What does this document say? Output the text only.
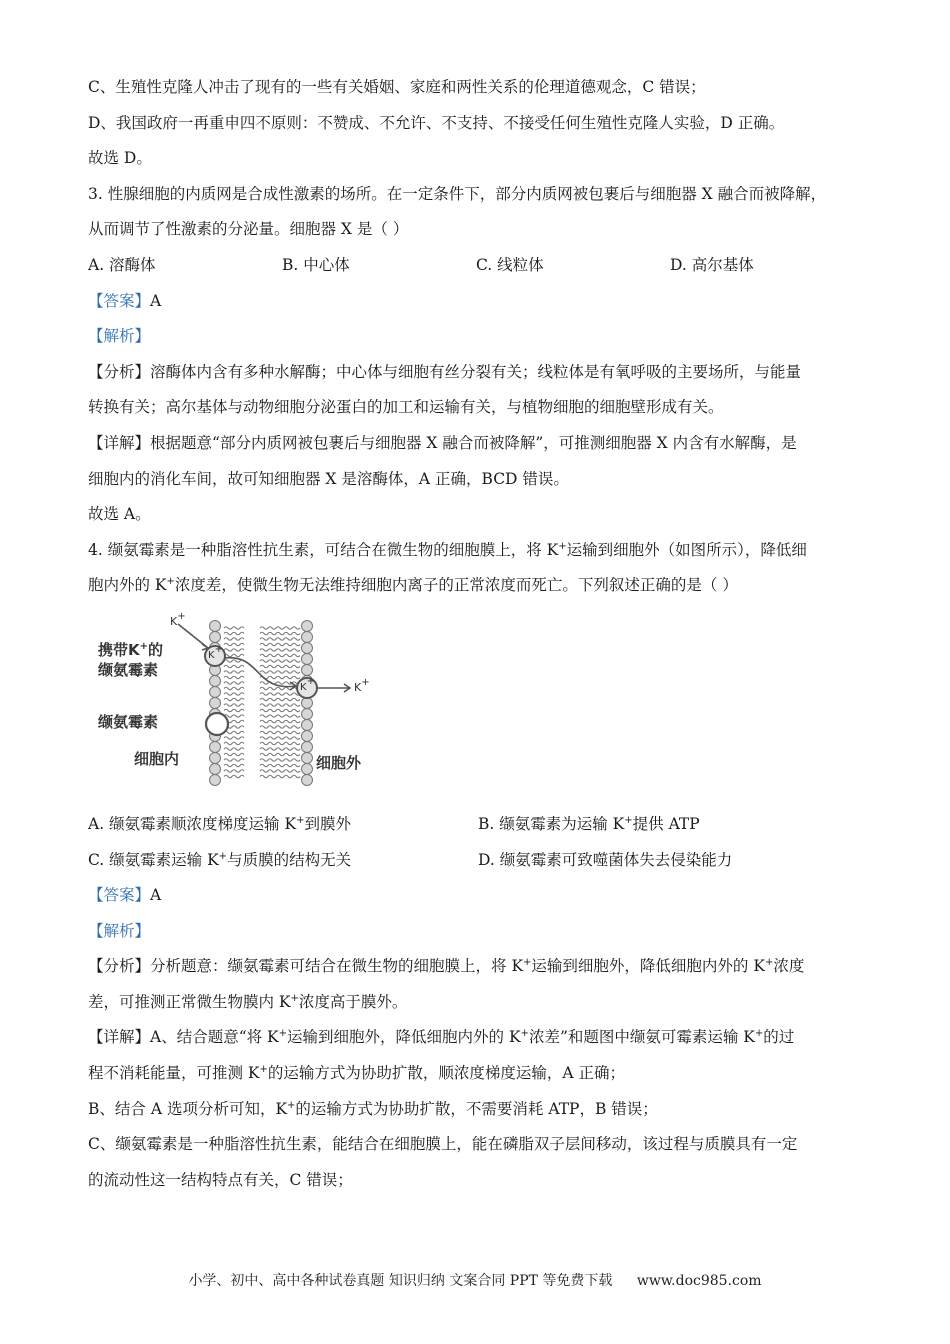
C、生殖性克隆人冲击了现有的一些有关婚姻、家庭和两性关系的伦理道德观念，C 错误；
D、我国政府一再重申四不原则：不赞成、不允许、不支持、不接受任何生殖性克隆人实验，D 正确。
故选 D。
3. 性腺细胞的内质网是合成性激素的场所。在一定条件下，部分内质网被包裹后与细胞器 X 融合而被降解，
从而调节了性激素的分泌量。细胞器 X 是（ ）
A. 溶酶体	B. 中心体	C. 线粒体	D. 高尔基体
【答案】A
【解析】
【分析】溶酶体内含有多种水解酶；中心体与细胞有丝分裂有关；线粒体是有氧呼吸的主要场所，与能量
转换有关；高尔基体与动物细胞分泌蛋白的加工和运输有关，与植物细胞的细胞壁形成有关。
【详解】根据题意“部分内质网被包裹后与细胞器 X 融合而被降解”，可推测细胞器 X 内含有水解酶，是
细胞内的消化车间，故可知细胞器 X 是溶酶体，A 正确，BCD 错误。
故选 A。
4. 缬氨霉素是一种脂溶性抗生素，可结合在微生物的细胞膜上，将 K+运输到细胞外（如图所示），降低细
胞内外的 K+浓度差，使微生物无法维持细胞内离子的正常浓度而死亡。下列叙述正确的是（ ）
K+
K+
K+	K+
携带K+的
缬氨霉素
缬氨霉素
细胞内	细胞外
A. 缬氨霉素顺浓度梯度运输 K+到膜外	B. 缬氨霉素为运输 K+提供 ATP
C. 缬氨霉素运输 K+与质膜的结构无关	D. 缬氨霉素可致噬菌体失去侵染能力
【答案】A
【解析】
【分析】分析题意：缬氨霉素可结合在微生物的细胞膜上，将 K+运输到细胞外，降低细胞内外的 K+浓度
差，可推测正常微生物膜内 K+浓度高于膜外。
【详解】A、结合题意“将 K+运输到细胞外，降低细胞内外的 K+浓差”和题图中缬氨可霉素运输 K+的过
程不消耗能量，可推测 K+的运输方式为协助扩散，顺浓度梯度运输，A 正确；
B、结合 A 选项分析可知，K+的运输方式为协助扩散，不需要消耗 ATP，B 错误；
C、缬氨霉素是一种脂溶性抗生素，能结合在细胞膜上，能在磷脂双子层间移动，该过程与质膜具有一定
的流动性这一结构特点有关，C 错误；
小学、初中、高中各种试卷真题 知识归纳 文案合同 PPT 等免费下载 www.doc985.com
